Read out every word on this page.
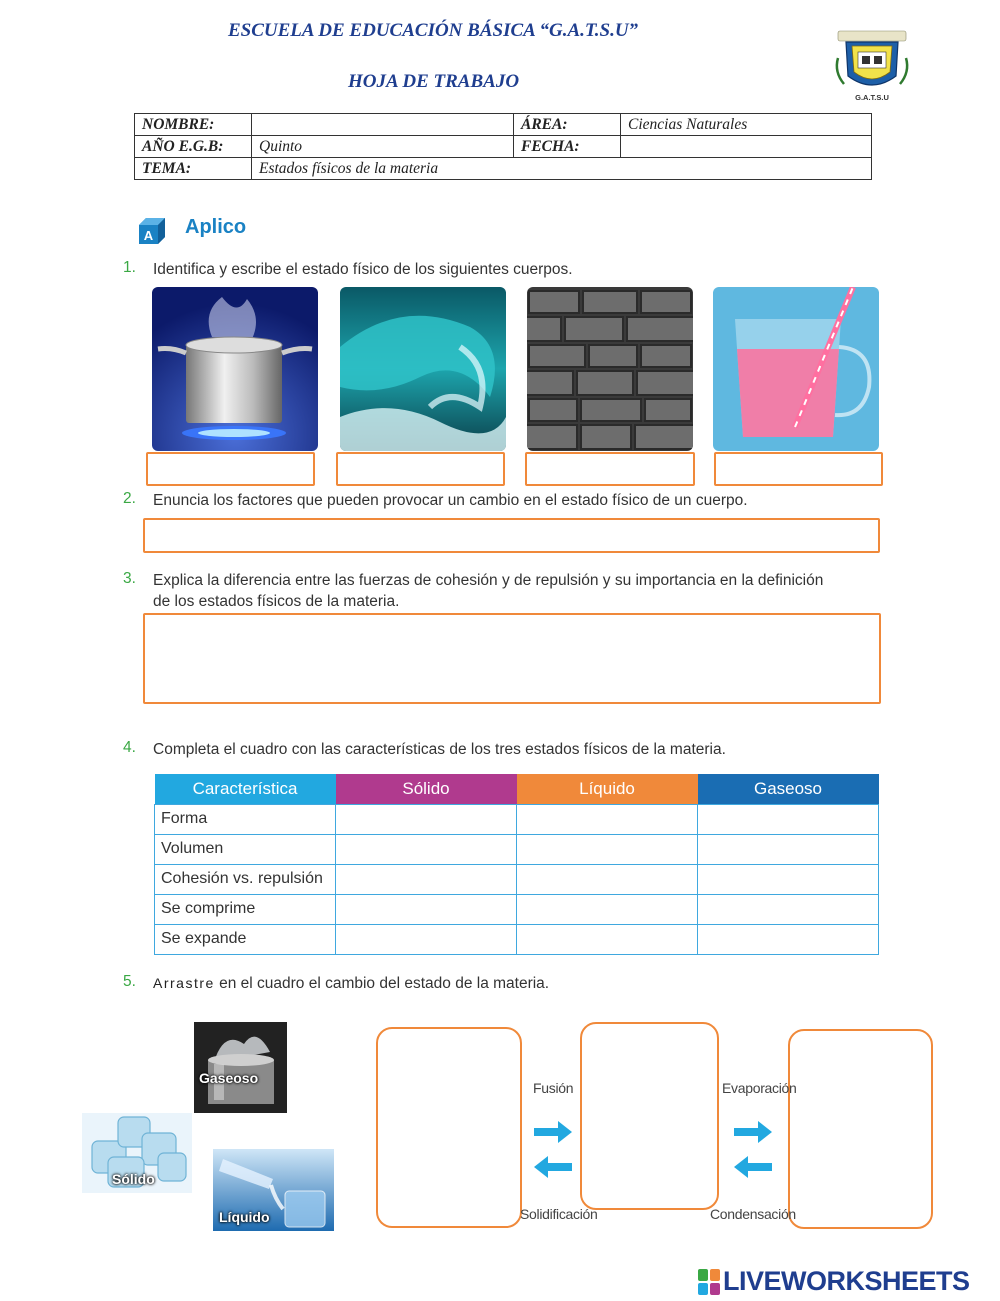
ESCUELA DE EDUCACIÓN BÁSICA “G.A.T.S.U”
HOJA DE TRABAJO
G.A.T.S.U
NOMBRE:		ÁREA:	Ciencias Naturales
AÑO E.G.B:	Quinto	FECHA:	
TEMA:	Estados físicos de la materia		
A Aplico
1. Identifica y escribe el estado físico de los siguientes cuerpos.
2. Enuncia los factores que pueden provocar un cambio en el estado físico de un cuerpo.
3. Explica la diferencia entre las fuerzas de cohesión y de repulsión y su importancia en la definición
de los estados físicos de la materia.
4. Completa el cuadro con las características de los tres estados físicos de la materia.
Característica	Sólido	Líquido	Gaseoso
Forma			
Volumen			
Cohesión vs. repulsión			
Se comprime			
Se expande			
5. Arrastre en el cuadro el cambio del estado de la materia.
Gaseoso
Sólido
Líquido
Fusión
Solidificación
Evaporación
Condensación
LIVEWORKSHEETS
